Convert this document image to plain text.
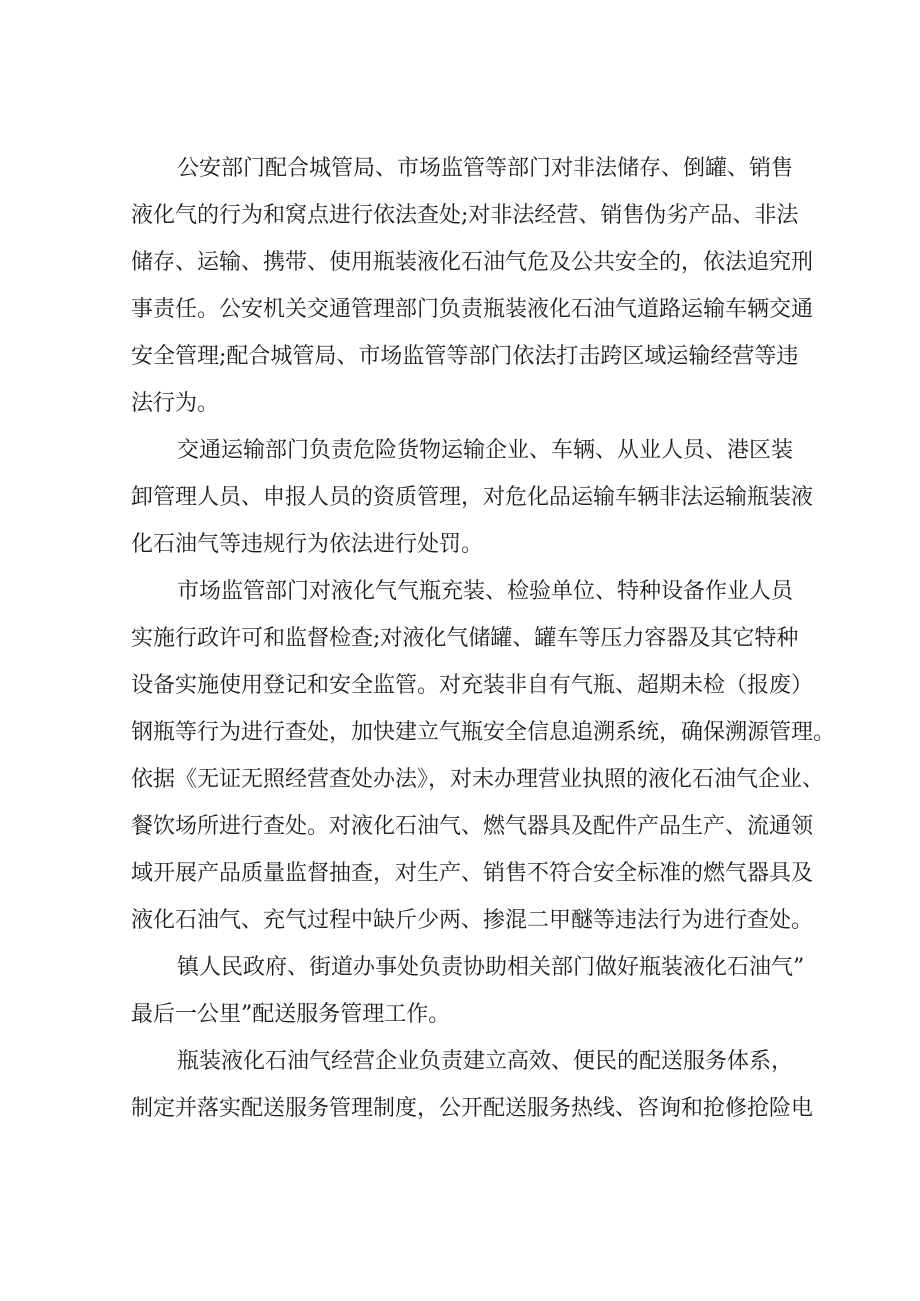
公安部门配合城管局、市场监管等部门对非法储存、倒罐、销售
液化气的行为和窝点进行依法查处;对非法经营、销售伪劣产品、非法
储存、运输、携带、使用瓶装液化石油气危及公共安全的，依法追究刑
事责任。公安机关交通管理部门负责瓶装液化石油气道路运输车辆交通
安全管理;配合城管局、市场监管等部门依法打击跨区域运输经营等违
法行为。
交通运输部门负责危险货物运输企业、车辆、从业人员、港区装
卸管理人员、申报人员的资质管理，对危化品运输车辆非法运输瓶装液
化石油气等违规行为依法进行处罚。
市场监管部门对液化气气瓶充装、检验单位、特种设备作业人员
实施行政许可和监督检查;对液化气储罐、罐车等压力容器及其它特种
设备实施使用登记和安全监管。对充装非自有气瓶、超期未检（报废）
钢瓶等行为进行查处，加快建立气瓶安全信息追溯系统，确保溯源管理。
依据《无证无照经营查处办法》，对未办理营业执照的液化石油气企业、
餐饮场所进行查处。对液化石油气、燃气器具及配件产品生产、流通领
域开展产品质量监督抽查，对生产、销售不符合安全标准的燃气器具及
液化石油气、充气过程中缺斤少两、掺混二甲醚等违法行为进行查处。
镇人民政府、街道办事处负责协助相关部门做好瓶装液化石油气”
最后一公里”配送服务管理工作。
瓶装液化石油气经营企业负责建立高效、便民的配送服务体系，
制定并落实配送服务管理制度，公开配送服务热线、咨询和抢修抢险电
